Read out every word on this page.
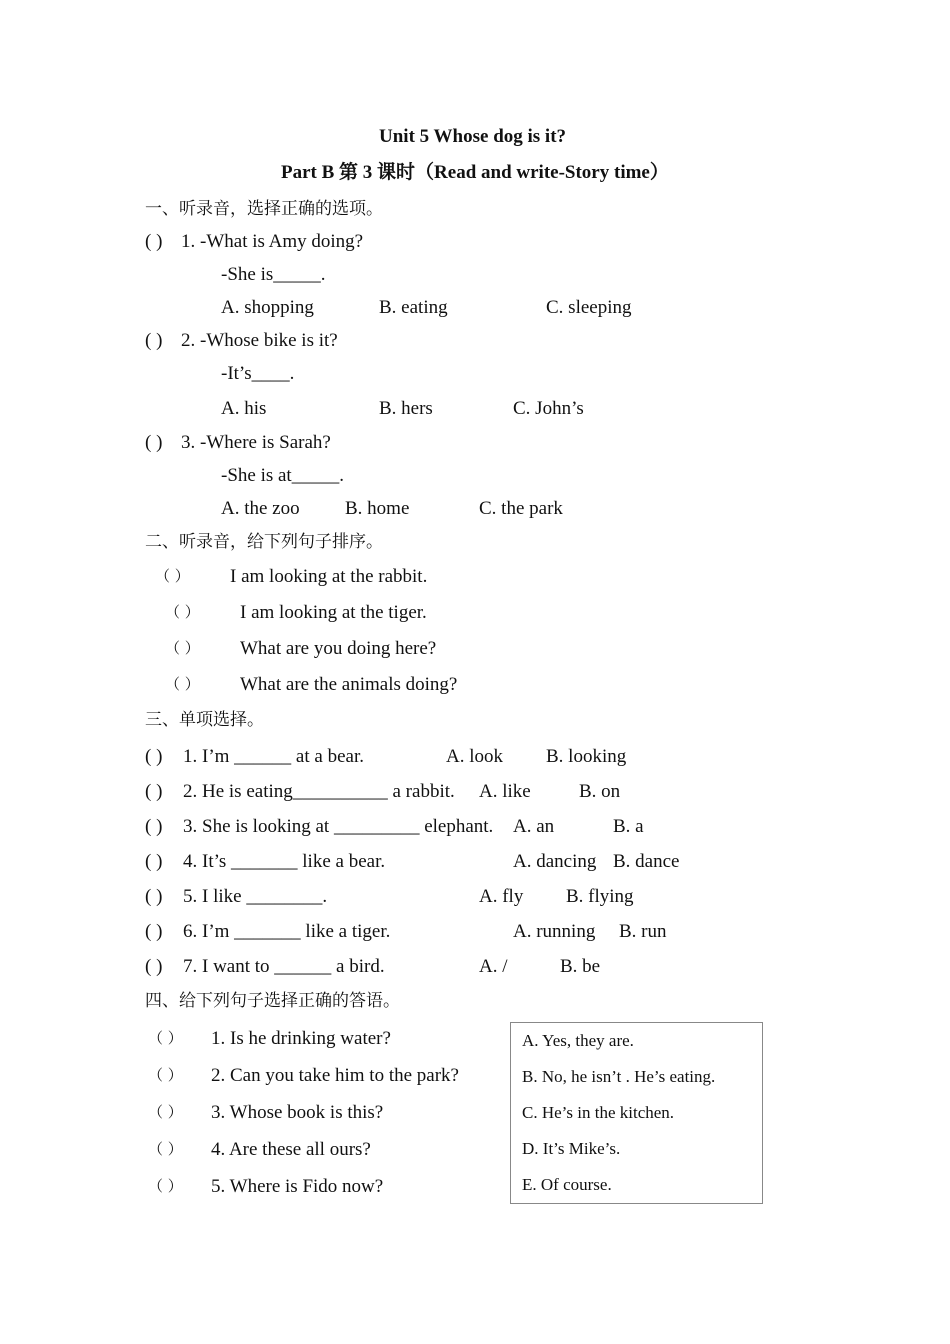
Unit 5 Whose dog is it?
Part B 第 3 课时（Read and write-Story time）
一、听录音，选择正确的选项。
( ) 1. -What is Amy doing?
-She is_____.
A. shopping	B. eating	C. sleeping
( ) 2. -Whose bike is it?
-It’s____.
A. his	B. hers	C. John’s
( ) 3. -Where is Sarah?
-She is at_____.
A. the zoo B. home	C. the park
二、听录音，给下列句子排序。
（ ） I am looking at the rabbit.
（ ） I am looking at the tiger.
（ ） What are you doing here?
（ ） What are the animals doing?
三、单项选择。
( ) 1. I’m ______ at a bear.	A. look B. looking
( ) 2. He is eating__________ a rabbit. A. like	B. on
( ) 3. She is looking at _________ elephant. A. an	B. a
( ) 4. It’s _______ like a bear.	A. dancing B. dance
( ) 5. I like ________.	A. fly B. flying
( ) 6. I’m _______ like a tiger.	A. running B. run
( ) 7. I want to ______ a bird.	A. /	B. be
四、给下列句子选择正确的答语。
（ ） 1. Is he drinking water?
（ ） 2. Can you take him to the park?
（ ） 3. Whose book is this?
（ ） 4. Are these all ours?
（ ） 5. Where is Fido now?
A. Yes, they are.
B. No, he isn’t . He’s eating.
C. He’s in the kitchen.
D. It’s Mike’s.
E. Of course.
